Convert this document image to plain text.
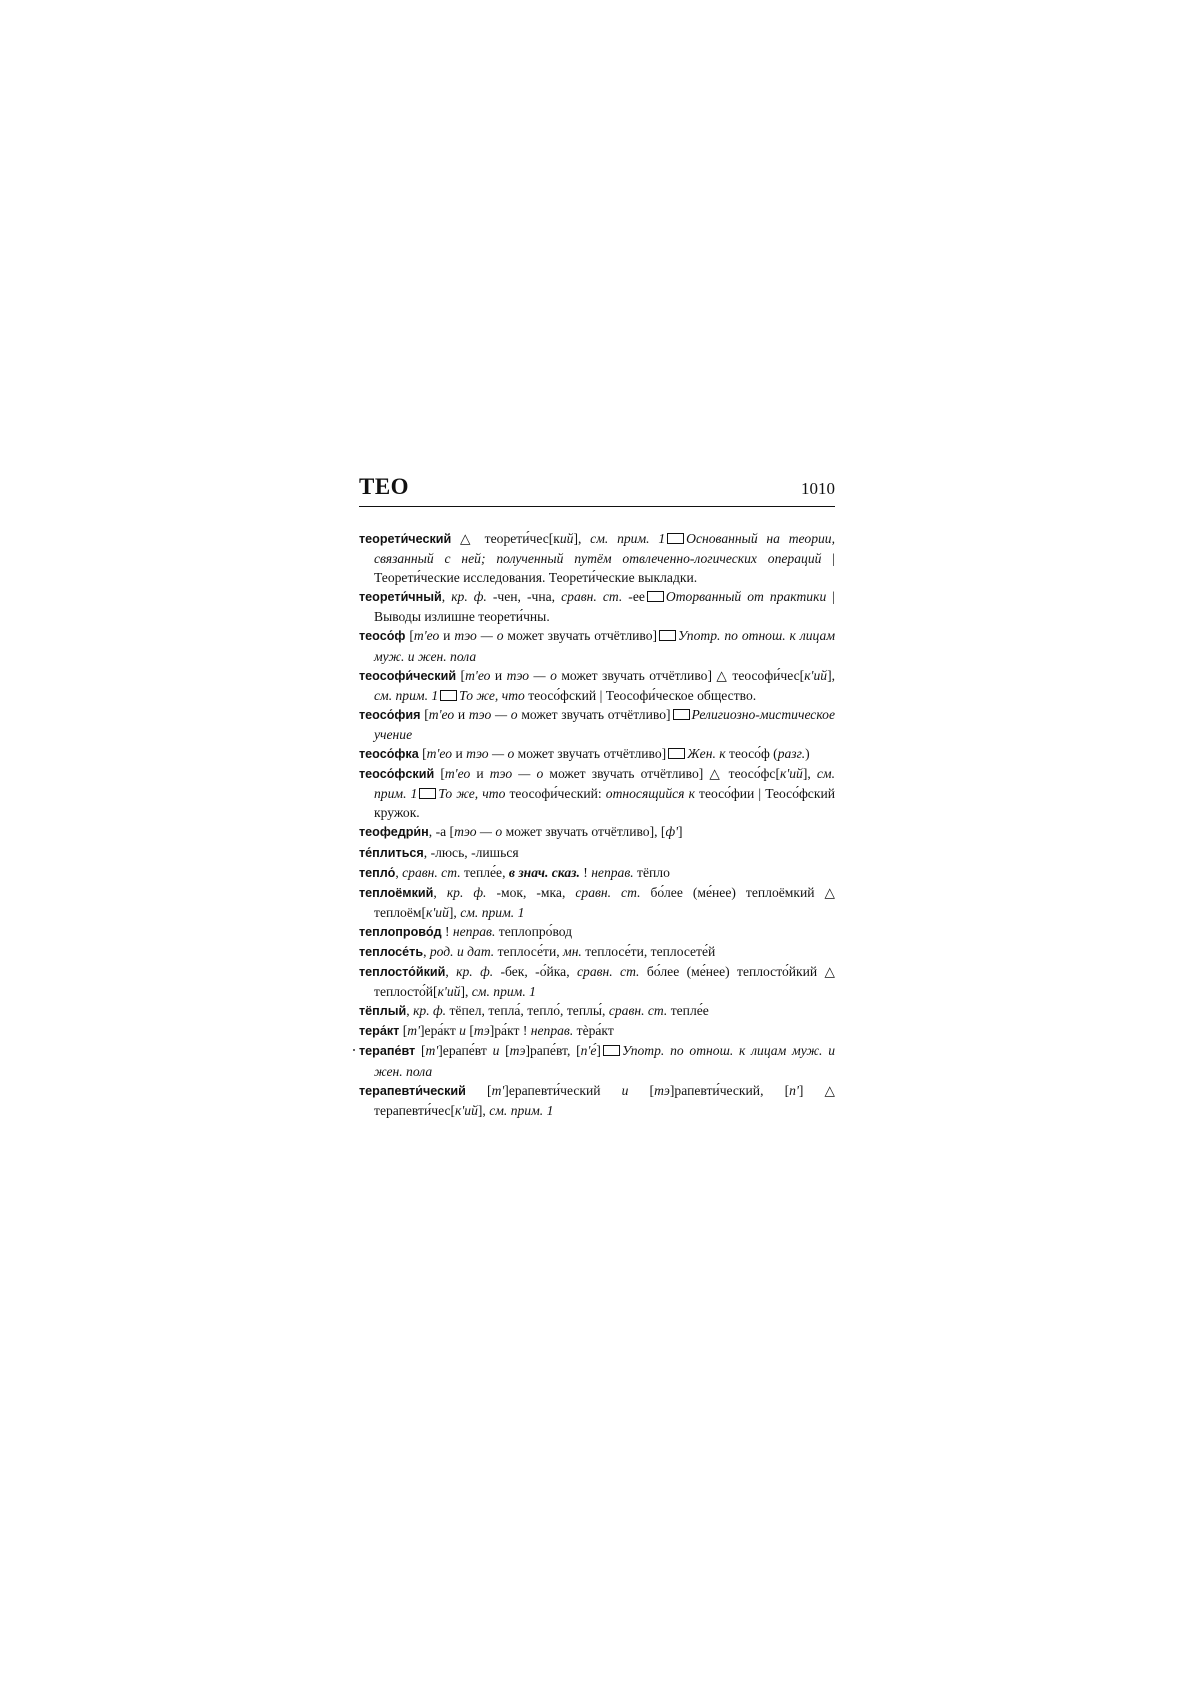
ТЕО	1010

теорети́ческий △ теорети́чес[кий], см. прим. 1 Основанный на теории, связанный с ней; полученный путём отвлеченно-логических операций | Теорети́ческие исследования. Теорети́ческие выкладки.

теорети́чный, кр. ф. -чен, -чна, сравн. ст. -ее Оторванный от практики | Выводы излишне теорети́чны.

теосо́ф [т'ео и тэо — о может звучать отчётливо] Употр. по отнош. к лицам муж. и жен. пола

теософи́ческий [т'ео и тэо — о может звучать отчётливо] △ теософи́чес[к'ий], см. прим. 1 То же, что теосо́фский | Теософи́ческое общество.

теосо́фия [т'ео и тэо — о может звучать отчётливо] Религиозно-мистическое учение

теосо́фка [т'ео и тэо — о может звучать отчётливо] Жен. к теосо́ф (разг.)

теосо́фский [т'ео и тэо — о может звучать отчётливо] △ теосо́фс[к'ий], см. прим. 1 То же, что теософи́ческий: относящийся к теосо́фии | Теосо́фский кружок.

теофедри́н, -а [тэо — о может звучать отчётливо], [ф']

те́плиться, -люсь, -лишься

тепло́, сравн. ст. тепле́е, в знач. сказ. ! неправ. тёпло

теплоёмкий, кр. ф. -мок, -мка, сравн. ст. бо́лее (ме́нее) теплоёмкий △ теплоём[к'ий], см. прим. 1

теплопрово́д ! неправ. теплопро́вод

теплосе́ть, род. и дат. теплосе́ти, мн. теплосе́ти, теплосете́й

теплосто́йкий, кр. ф. -бек, -о́йка, сравн. ст. бо́лее (ме́нее) теплосто́йкий △ теплосто́й[к'ий], см. прим. 1

тёплый, кр. ф. тёпел, тепла́, тепло́, теплы́, сравн. ст. тепле́е

тера́кт [т']ера́кт и [тэ]ра́кт ! неправ. тѐра́кт

терапе́вт [т']ерапе́вт и [тэ]рапе́вт, [п'е́] Употр. по отнош. к лицам муж. и жен. пола

терапевти́ческий [т']ерапевти́ческий и [тэ]рапевти́ческий, [п'] △ терапевти́чес[к'ий], см. прим. 1
